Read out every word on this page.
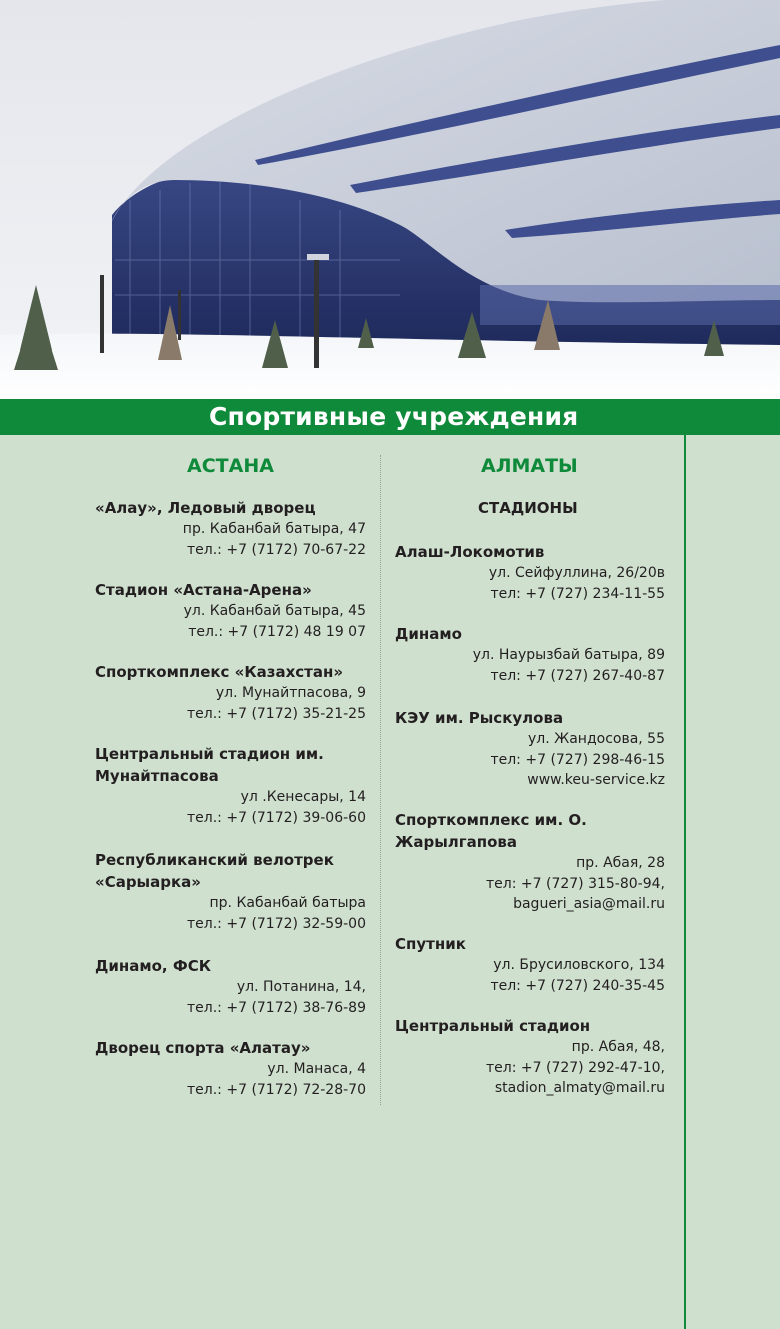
Спортивные учреждения
АСТАНА
«Алау», Ледовый дворец
пр. Кабанбай батыра, 47
тел.: +7 (7172) 70-67-22
Стадион «Астана-Арена»
ул. Кабанбай батыра, 45
тел.: +7 (7172) 48 19 07
Спорткомплекс «Казахстан»
ул. Мунайтпасова, 9
тел.: +7 (7172) 35-21-25
Центральный стадион им. Мунайтпасова
ул .Кенесары, 14
тел.: +7 (7172) 39-06-60
Республиканский велотрек «Сарыарка»
пр. Кабанбай батыра
тел.: +7 (7172) 32-59-00
Динамо, ФСК
ул. Потанина, 14,
тел.: +7 (7172) 38-76-89
Дворец спорта «Алатау»
ул. Манаса, 4
тел.: +7 (7172) 72-28-70
АЛМАТЫ
СТАДИОНЫ
Алаш-Локомотив
ул. Сейфуллина, 26/20в
тел: +7 (727) 234-11-55
Динамо
ул. Наурызбай батыра, 89
тел: +7 (727) 267-40-87
КЭУ им. Рыскулова
ул. Жандосова, 55
тел: +7 (727) 298-46-15
www.keu-service.kz
Спорткомплекс им. О. Жарылгапова
пр. Абая, 28
тел: +7 (727) 315-80-94,
bagueri_asia@mail.ru
Спутник
ул. Брусиловского, 134
тел: +7 (727) 240-35-45
Центральный стадион
пр. Абая, 48,
тел: +7 (727) 292-47-10,
stadion_almaty@mail.ru
